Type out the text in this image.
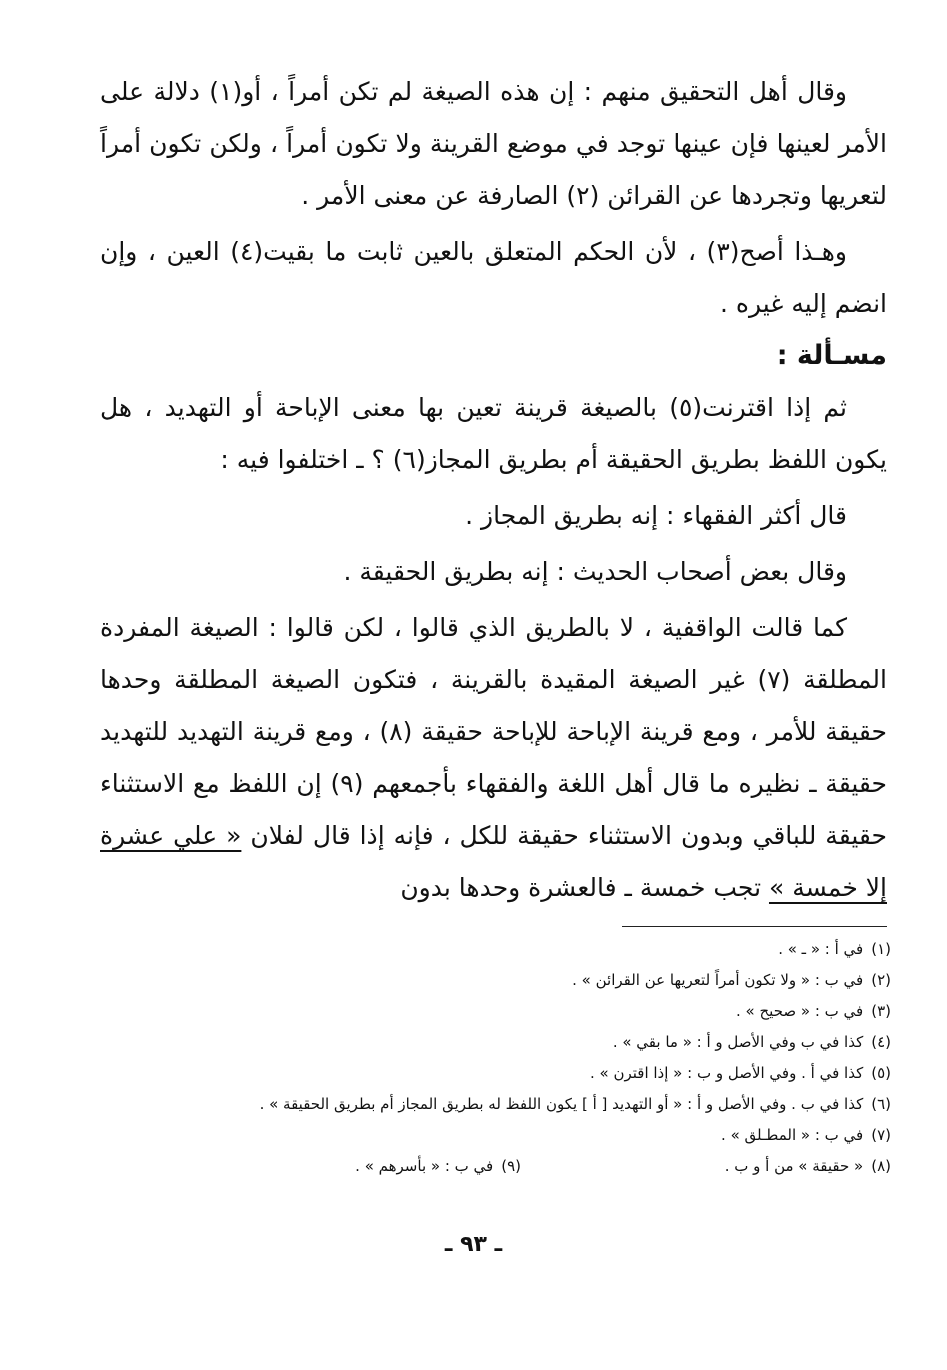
وقال أهل التحقيق منهم : إن هذه الصيغة لم تكن أمراً ، أو(١) دلالة على الأمر لعينها فإن عينها توجد في موضع القرينة ولا تكون أمراً ، ولكن تكون أمراً لتعريها وتجردها عن القرائن (٢) الصارفة عن معنى الأمر .

وهـذا أصح(٣) ، لأن الحكم المتعلق بالعين ثابت ما بقيت(٤) العين ، وإن انضم إليه غيره .

مسـألة :

ثم إذا اقترنت(٥) بالصيغة قرينة تعين بها معنى الإباحة أو التهديد ، هل يكون اللفظ بطريق الحقيقة أم بطريق المجاز(٦) ؟ ـ اختلفوا فيه :

قال أكثر الفقهاء : إنه بطريق المجاز .

وقال بعض أصحاب الحديث : إنه بطريق الحقيقة .

كما قالت الواقفية ، لا بالطريق الذي قالوا ، لكن قالوا : الصيغة المفردة المطلقة (٧) غير الصيغة المقيدة بالقرينة ، فتكون الصيغة المطلقة وحدها حقيقة للأمر ، ومع قرينة الإباحة للإباحة حقيقة (٨) ، ومع قرينة التهديد للتهديد حقيقة ـ نظيره ما قال أهل اللغة والفقهاء بأجمعهم (٩) إن اللفظ مع الاستثناء حقيقة للباقي وبدون الاستثناء حقيقة للكل ، فإنه إذا قال لفلان « علي عشرة إلا خمسة » تجب خمسة ـ فالعشرة وحدها بدون

(١)في أ : « ـ » .

(٢)في ب : « ولا تكون أمراً لتعريها عن القرائن » .

(٣)في ب : « صحيح » .

(٤)كذا في ب وفي الأصل و أ : « ما بقي » .

(٥)كذا في أ . وفي الأصل و ب : « إذا اقترن » .

(٦)كذا في ب . وفي الأصل و أ : « أو التهديد [ أ ] يكون اللفظ له بطريق المجاز أم بطريق الحقيقة » .

(٧)في ب : « المطـلق » .

(٨)« حقيقة » من أ و ب .

(٩)في ب : « بأسرهم » .

ـ ٩٣ ـ
